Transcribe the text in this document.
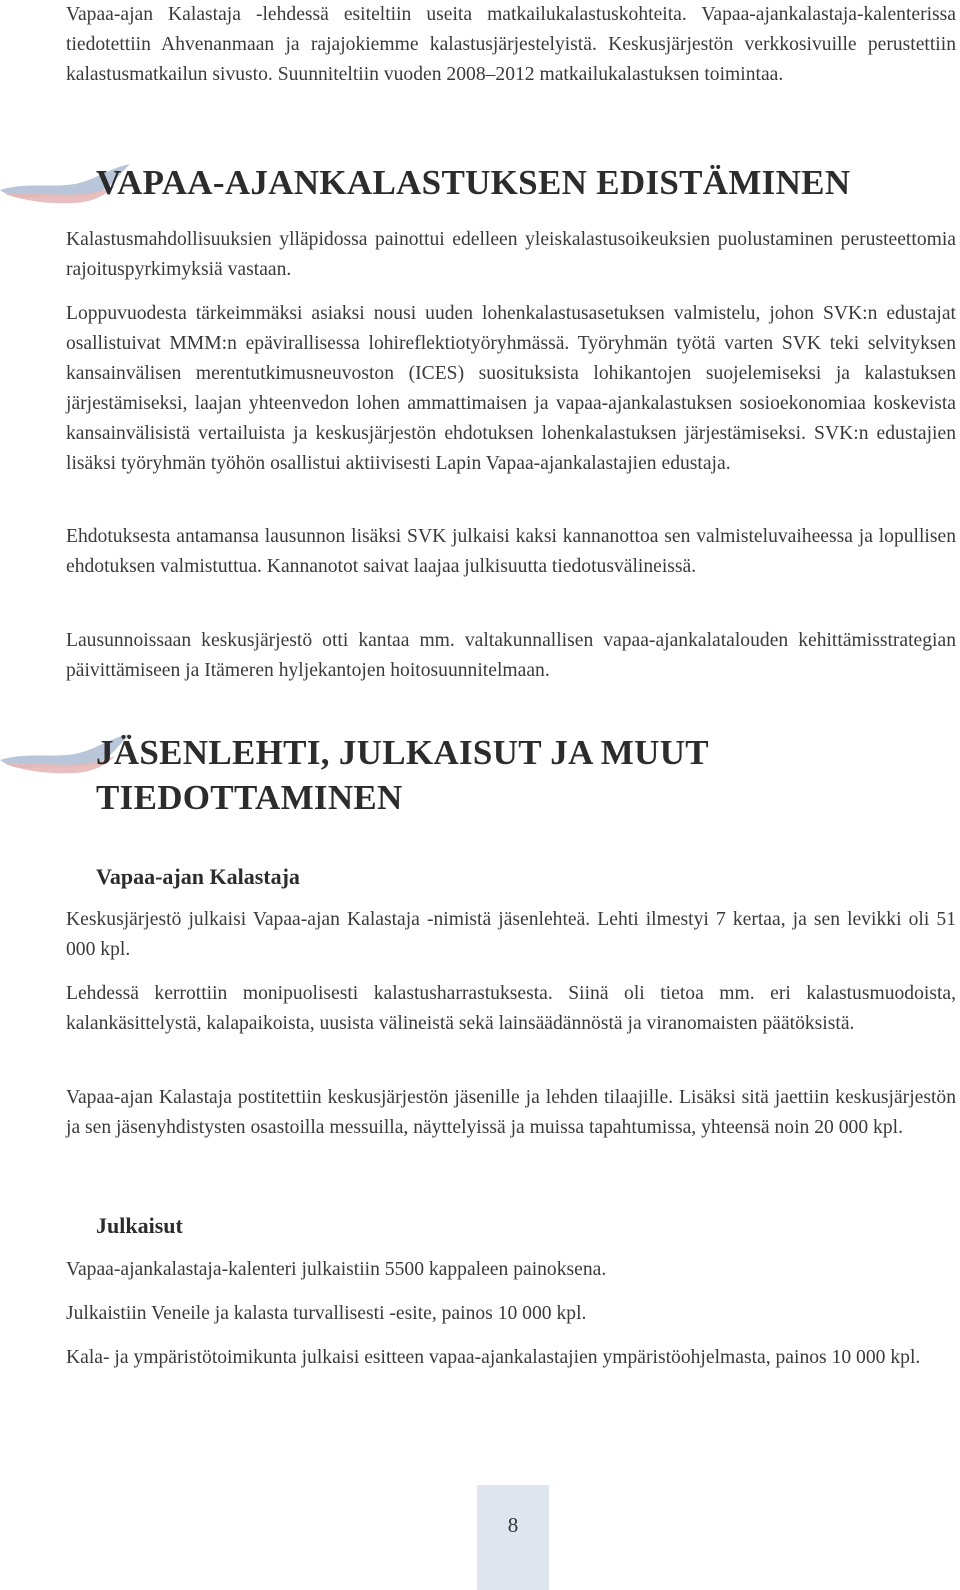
Vapaa-ajan Kalastaja -lehdessä esiteltiin useita matkailukalastuskohteita. Vapaa-ajankalastaja-kalenterissa tiedotettiin Ahvenanmaan ja rajajokiemme kalastusjärjestelyistä. Keskusjärjestön verkkosivuille perustettiin kalastusmatkailun sivusto. Suunniteltiin vuoden 2008–2012 matkailukalastuksen toimintaa.

VAPAA-AJANKALASTUKSEN EDISTÄMINEN

Kalastusmahdollisuuksien ylläpidossa painottui edelleen yleiskalastusoikeuksien puolustaminen perusteettomia rajoituspyrkimyksiä vastaan.

Loppuvuodesta tärkeimmäksi asiaksi nousi uuden lohenkalastusasetuksen valmistelu, johon SVK:n edustajat osallistuivat MMM:n epävirallisessa lohireflektiotyöryhmässä. Työryhmän työtä varten SVK teki selvityksen kansainvälisen merentutkimusneuvoston (ICES) suosituksista lohikantojen suojelemiseksi ja kalastuksen järjestämiseksi, laajan yhteenvedon lohen ammattimaisen ja vapaa-ajankalastuksen sosioekonomiaa koskevista kansainvälisistä vertailuista ja keskusjärjestön ehdotuksen lohenkalastuksen järjestämiseksi. SVK:n edustajien lisäksi työryhmän työhön osallistui aktiivisesti Lapin Vapaa-ajankalastajien edustaja.

Ehdotuksesta antamansa lausunnon lisäksi SVK julkaisi kaksi kannanottoa sen valmisteluvaiheessa ja lopullisen ehdotuksen valmistuttua. Kannanotot saivat laajaa julkisuutta tiedotusvälineissä.

Lausunnoissaan keskusjärjestö otti kantaa mm. valtakunnallisen vapaa-ajankalatalouden kehittämisstrategian päivittämiseen ja Itämeren hyljekantojen hoitosuunnitelmaan.

JÄSENLEHTI, JULKAISUT JA MUUT
TIEDOTTAMINEN
Vapaa-ajan Kalastaja

Keskusjärjestö julkaisi Vapaa-ajan Kalastaja -nimistä jäsenlehteä. Lehti ilmestyi 7 kertaa, ja sen levikki oli 51 000 kpl.

Lehdessä kerrottiin monipuolisesti kalastusharrastuksesta. Siinä oli tietoa mm. eri kalastusmuodoista, kalankäsittelystä, kalapaikoista, uusista välineistä sekä lainsäädännöstä ja viranomaisten päätöksistä.

Vapaa-ajan Kalastaja postitettiin keskusjärjestön jäsenille ja lehden tilaajille. Lisäksi sitä jaettiin keskusjärjestön ja sen jäsenyhdistysten osastoilla messuilla, näyttelyissä ja muissa tapahtumissa, yhteensä noin 20 000 kpl.

Julkaisut

Vapaa-ajankalastaja-kalenteri julkaistiin 5500 kappaleen painoksena.

Julkaistiin Veneile ja kalasta turvallisesti -esite, painos 10 000 kpl.

Kala- ja ympäristötoimikunta julkaisi esitteen vapaa-ajankalastajien ympäristöohjelmasta, painos 10 000 kpl.

8
